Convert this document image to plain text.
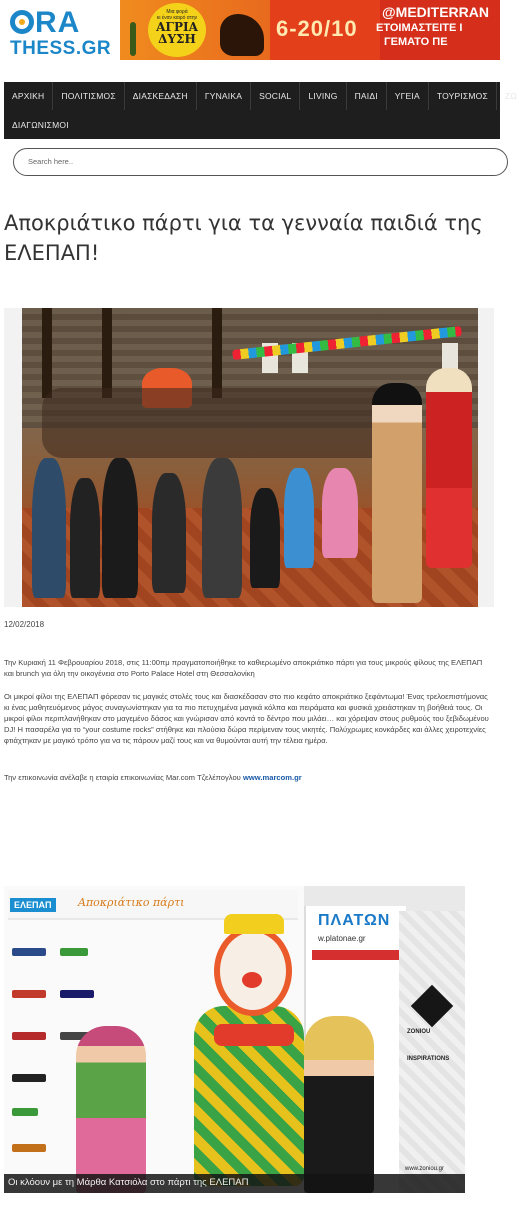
RA
THESS.GR
Μια φορά
κι έναν καιρό στην
ΑΓΡΙΑ
ΔΥΣΗ	6-20/10
@MEDITERRAN
ΕΤΟΙΜΑΣΤΕΙΤΕ Ι
ΓΕΜΑΤΟ ΠΕ
ΑΡΧΙΚΗ	ΠΟΛΙΤΙΣΜΟΣ	ΔΙΑΣΚΕΔΑΣΗ	ΓΥΝΑΙΚΑ	SOCIAL	LIVING	ΠΑΙΔΙ	ΥΓΕΙΑ	ΤΟΥΡΙΣΜΟΣ	ΖΩ
ΔΙΑΓΩΝΙΣΜΟΙ
Search here..
Αποκριάτικο πάρτι για τα γενναία παιδιά της ΕΛΕΠΑΠ!
12/02/2018

Την Κυριακή 11 Φεβρουαρίου 2018, στις 11:00πμ πραγματοποιήθηκε το καθιερωμένο αποκριάτικο πάρτι για τους μικρούς φίλους της ΕΛΕΠΑΠ και brunch για όλη την οικογένεια στο Porto Palace Hotel στη Θεσσαλονίκη

Οι μικροί φίλοι της ΕΛΕΠΑΠ φόρεσαν τις μαγικές στολές τους και διασκέδασαν στο πιο κεφάτο αποκριάτικο ξεφάντωμα! Ένας τρελοεπιστήμονας κι ένας μαθητευόμενος μάγος συναγωνίστηκαν για τα πιο πετυχημένα μαγικά κόλπα και πειράματα και φυσικά χρειάστηκαν τη βοήθειά τους. Οι μικροί φίλοι περιπλανήθηκαν στο μαγεμένο δάσος και γνώρισαν από κοντά το δέντρο που μιλάει… και χόρεψαν στους ρυθμούς του ξεβιδωμένου DJ! Η πασαρέλα για το “your costume rocks” στήθηκε και πλούσια δώρα περίμεναν τους νικητές. Πολύχρωμες κονκάρδες και άλλες χειροτεχνίες φτιάχτηκαν με μαγικό τρόπο για να τις πάρουν μαζί τους και να θυμούνται αυτή την τέλεια ημέρα.

Την επικοινωνία ανέλαβε η εταιρία επικοινωνίας Mar.com Τζελέπογλου www.marcom.gr

ΕΛΕΠΑΠ	Αποκριάτικο πάρτι
ΠΛΑΤΩΝ
w.platonae.gr
ZONIOU
INSPIRATIONS
www.zoniou.gr
Οι κλόουν με τη Μάρθα Κατσιόλα στο πάρτι της ΕΛΕΠΑΠ
